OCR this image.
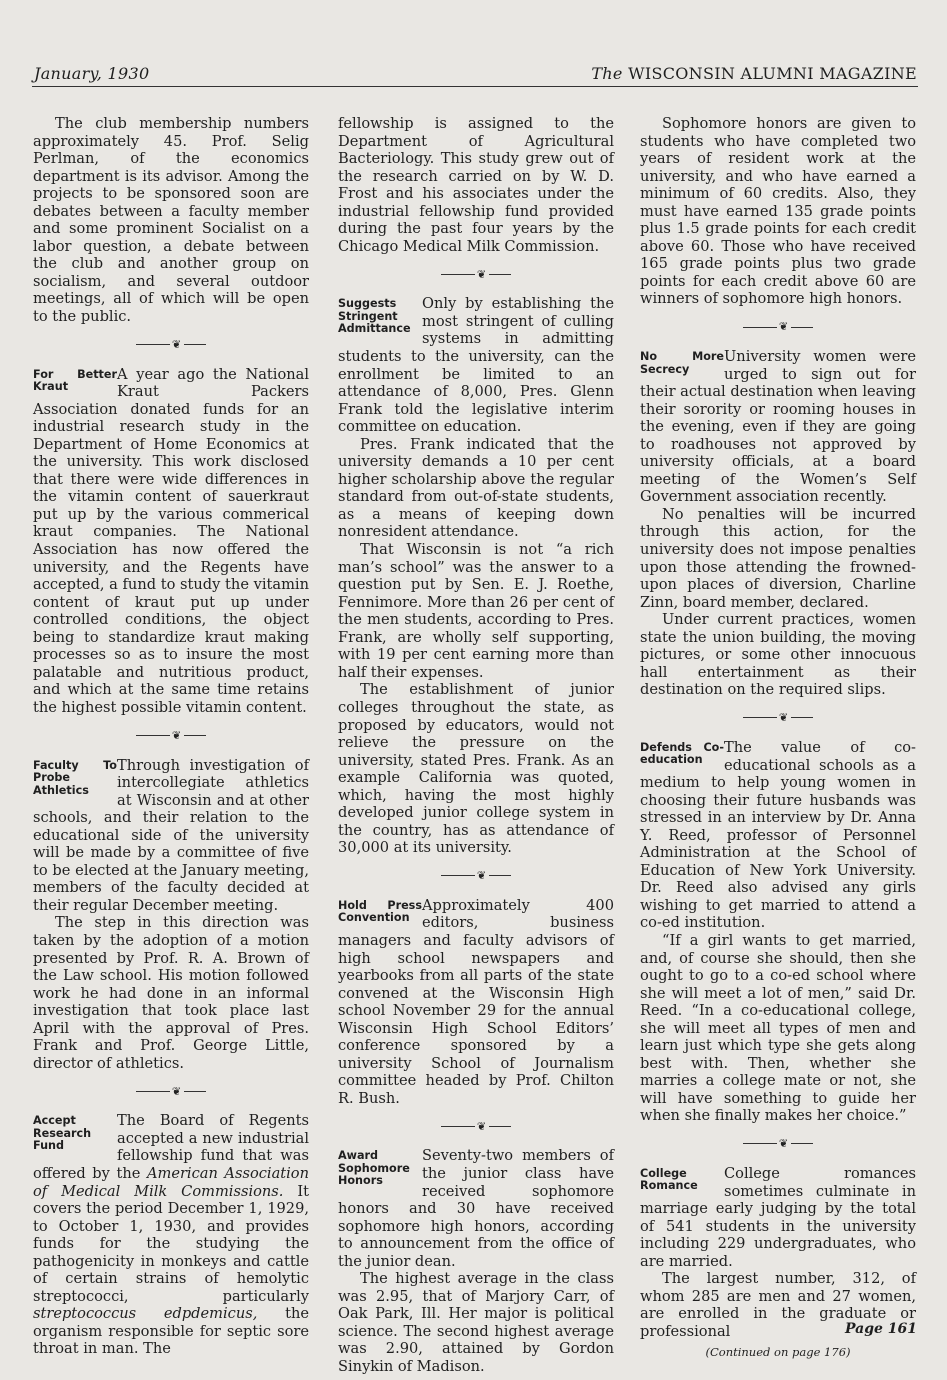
January, 1930	The WISCONSIN ALUMNI MAGAZINE

The club membership numbers approximately 45. Prof. Selig Perlman, of the economics department is its advisor. Among the projects to be sponsored soon are debates between a faculty member and some prominent Socialist on a labor question, a debate between the club and another group on socialism, and several outdoor meetings, all of which will be open to the public.

❦
For Better Kraut

A year ago the National Kraut Packers Association donated funds for an industrial research study in the Department of Home Economics at the university. This work disclosed that there were wide differences in the vitamin content of sauerkraut put up by the various commerical kraut companies. The National Association has now offered the university, and the Regents have accepted, a fund to study the vitamin content of kraut put up under controlled conditions, the object being to standardize kraut making processes so as to insure the most palatable and nutritious product, and which at the same time retains the highest possible vitamin content.

❦
Faculty To Probe Athletics

Through investigation of intercollegiate athletics at Wisconsin and at other schools, and their relation to the educational side of the university will be made by a committee of five to be elected at the January meeting, members of the faculty decided at their regular December meeting.

The step in this direction was taken by the adoption of a motion presented by Prof. R. A. Brown of the Law school. His motion followed work he had done in an informal investigation that took place last April with the approval of Pres. Frank and Prof. George Little, director of athletics.

❦
Accept Research Fund

The Board of Regents accepted a new industrial fellowship fund that was offered by the American Association of Medical Milk Commissions. It covers the period December 1, 1929, to October 1, 1930, and provides funds for the studying the pathogenicity in monkeys and cattle of certain strains of hemolytic streptococci, particularly streptococcus edpdemicus, the organism responsible for septic sore throat in man. The

fellowship is assigned to the Department of Agricultural Bacteriology. This study grew out of the research carried on by W. D. Frost and his associates under the industrial fellowship fund provided during the past four years by the Chicago Medical Milk Commission.

❦
Suggests Stringent Admittance

Only by establishing the most stringent of culling systems in admitting students to the university, can the enrollment be limited to an attendance of 8,000, Pres. Glenn Frank told the legislative interim committee on education.

Pres. Frank indicated that the university demands a 10 per cent higher scholarship above the regular standard from out-of-state students, as a means of keeping down nonresident attendance.

That Wisconsin is not “a rich man’s school” was the answer to a question put by Sen. E. J. Roethe, Fennimore. More than 26 per cent of the men students, according to Pres. Frank, are wholly self supporting, with 19 per cent earning more than half their expenses.

The establishment of junior colleges throughout the state, as proposed by educators, would not relieve the pressure on the university, stated Pres. Frank. As an example California was quoted, which, having the most highly developed junior college system in the country, has as attendance of 30,000 at its university.

❦
Hold Press Convention

Approximately 400 editors, business managers and faculty advisors of high school newspapers and yearbooks from all parts of the state convened at the Wisconsin High school November 29 for the annual Wisconsin High School Editors’ conference sponsored by a university School of Journalism committee headed by Prof. Chilton R. Bush.

❦
Award Sophomore Honors

Seventy-two members of the junior class have received sophomore honors and 30 have received sophomore high honors, according to announcement from the office of the junior dean.

The highest average in the class was 2.95, that of Marjory Carr, of Oak Park, Ill. Her major is political science. The second highest average was 2.90, attained by Gordon Sinykin of Madison.

Sophomore honors are given to students who have completed two years of resident work at the university, and who have earned a minimum of 60 credits. Also, they must have earned 135 grade points plus 1.5 grade points for each credit above 60. Those who have received 165 grade points plus two grade points for each credit above 60 are winners of sophomore high honors.

❦
No More Secrecy

University women were urged to sign out for their actual destination when leaving their sorority or rooming houses in the evening, even if they are going to roadhouses not approved by university officials, at a board meeting of the Women’s Self Government association recently.

No penalties will be incurred through this action, for the university does not impose penalties upon those attending the frowned-upon places of diversion, Charline Zinn, board member, declared.

Under current practices, women state the union building, the moving pictures, or some other innocuous hall entertainment as their destination on the required slips.

❦
Defends Co-education

The value of co-educational schools as a medium to help young women in choosing their future husbands was stressed in an interview by Dr. Anna Y. Reed, professor of Personnel Administration at the School of Education of New York University. Dr. Reed also advised any girls wishing to get married to attend a co-ed institution.

“If a girl wants to get married, and, of course she should, then she ought to go to a co-ed school where she will meet a lot of men,” said Dr. Reed. “In a co-educational college, she will meet all types of men and learn just which type she gets along best with. Then, whether she marries a college mate or not, she will have something to guide her when she finally makes her choice.”

❦
College Romance

College romances sometimes culminate in marriage early judging by the total of 541 students in the university including 229 undergraduates, who are married.

The largest number, 312, of whom 285 are men and 27 women, are enrolled in the graduate or professional

(Continued on page 176)
Page 161
